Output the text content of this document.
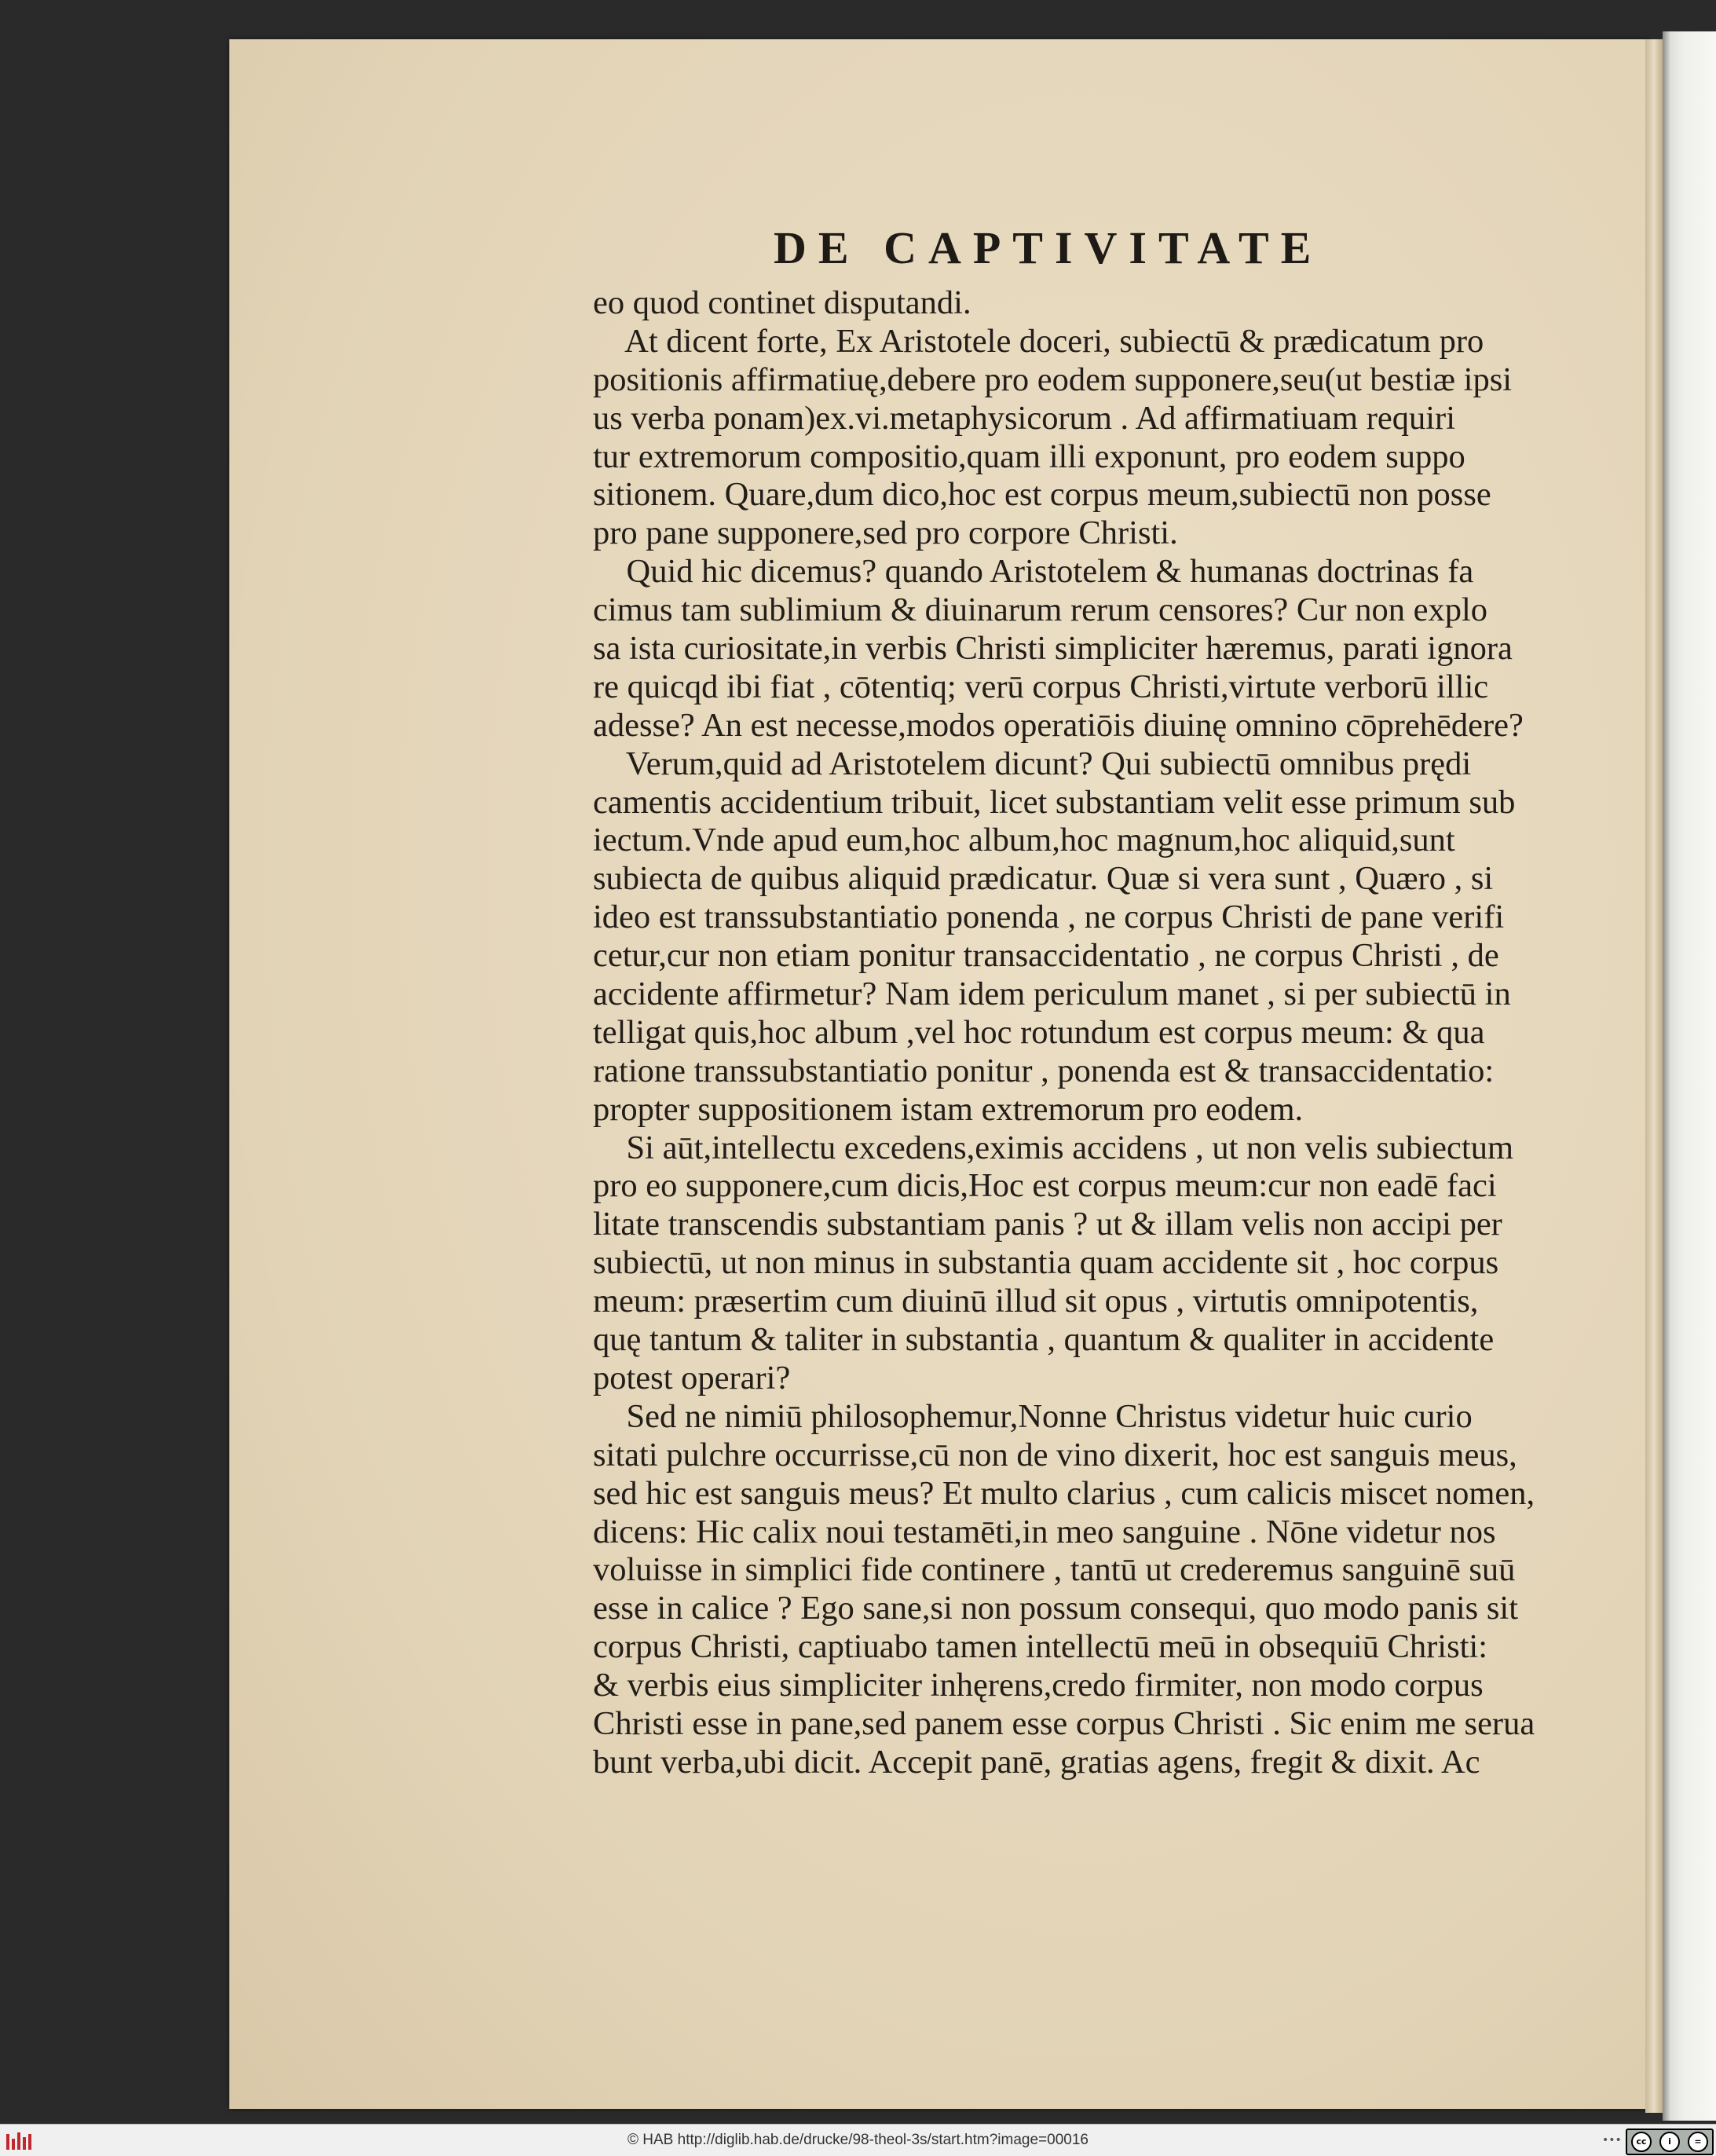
DE CAPTIVITATE
eo quod continet disputandi.
At dicent forte, Ex Aristotele doceri, subiectū & prædicatum pro
positionis affirmatiuę,debere pro eodem supponere,seu(ut bestiæ ipsi
us verba ponam)ex.vi.metaphysicorum . Ad affirmatiuam requiri
tur extremorum compositio,quam illi exponunt, pro eodem suppo
sitionem. Quare,dum dico,hoc est corpus meum,subiectū non posse
pro pane supponere,sed pro corpore Christi.
Quid hic dicemus? quando Aristotelem & humanas doctrinas fa
cimus tam sublimium & diuinarum rerum censores? Cur non explo
sa ista curiositate,in verbis Christi simpliciter hæremus, parati ignora
re quicqd ibi fiat , cōtentiq; verū corpus Christi,virtute verborū illic
adesse? An est necesse,modos operatiōis diuinę omnino cōprehēdere?
Verum,quid ad Aristotelem dicunt? Qui subiectū omnibus prędi
camentis accidentium tribuit, licet substantiam velit esse primum sub
iectum.Vnde apud eum,hoc album,hoc magnum,hoc aliquid,sunt
subiecta de quibus aliquid prædicatur. Quæ si vera sunt , Quæro , si
ideo est transsubstantiatio ponenda , ne corpus Christi de pane verifi
cetur,cur non etiam ponitur transaccidentatio , ne corpus Christi , de
accidente affirmetur? Nam idem periculum manet , si per subiectū in
telligat quis,hoc album ,vel hoc rotundum est corpus meum: & qua
ratione transsubstantiatio ponitur , ponenda est & transaccidentatio:
propter suppositionem istam extremorum pro eodem.
Si aūt,intellectu excedens,eximis accidens , ut non velis subiectum
pro eo supponere,cum dicis,Hoc est corpus meum:cur non eadē faci
litate transcendis substantiam panis ? ut & illam velis non accipi per
subiectū, ut non minus in substantia quam accidente sit , hoc corpus
meum: præsertim cum diuinū illud sit opus , virtutis omnipotentis,
quę tantum & taliter in substantia , quantum & qualiter in accidente
potest operari?
Sed ne nimiū philosophemur,Nonne Christus videtur huic curio
sitati pulchre occurrisse,cū non de vino dixerit, hoc est sanguis meus,
sed hic est sanguis meus? Et multo clarius , cum calicis miscet nomen,
dicens: Hic calix noui testamēti,in meo sanguine . Nōne videtur nos
voluisse in simplici fide continere , tantū ut crederemus sanguinē suū
esse in calice ? Ego sane,si non possum consequi, quo modo panis sit
corpus Christi, captiuabo tamen intellectū meū in obsequiū Christi:
& verbis eius simpliciter inhęrens,credo firmiter, non modo corpus
Christi esse in pane,sed panem esse corpus Christi . Sic enim me serua
bunt verba,ubi dicit. Accepit panē, gratias agens, fregit & dixit. Ac
© HAB http://diglib.hab.de/drucke/98-theol-3s/start.htm?image=00016	•••	cc	i	=
